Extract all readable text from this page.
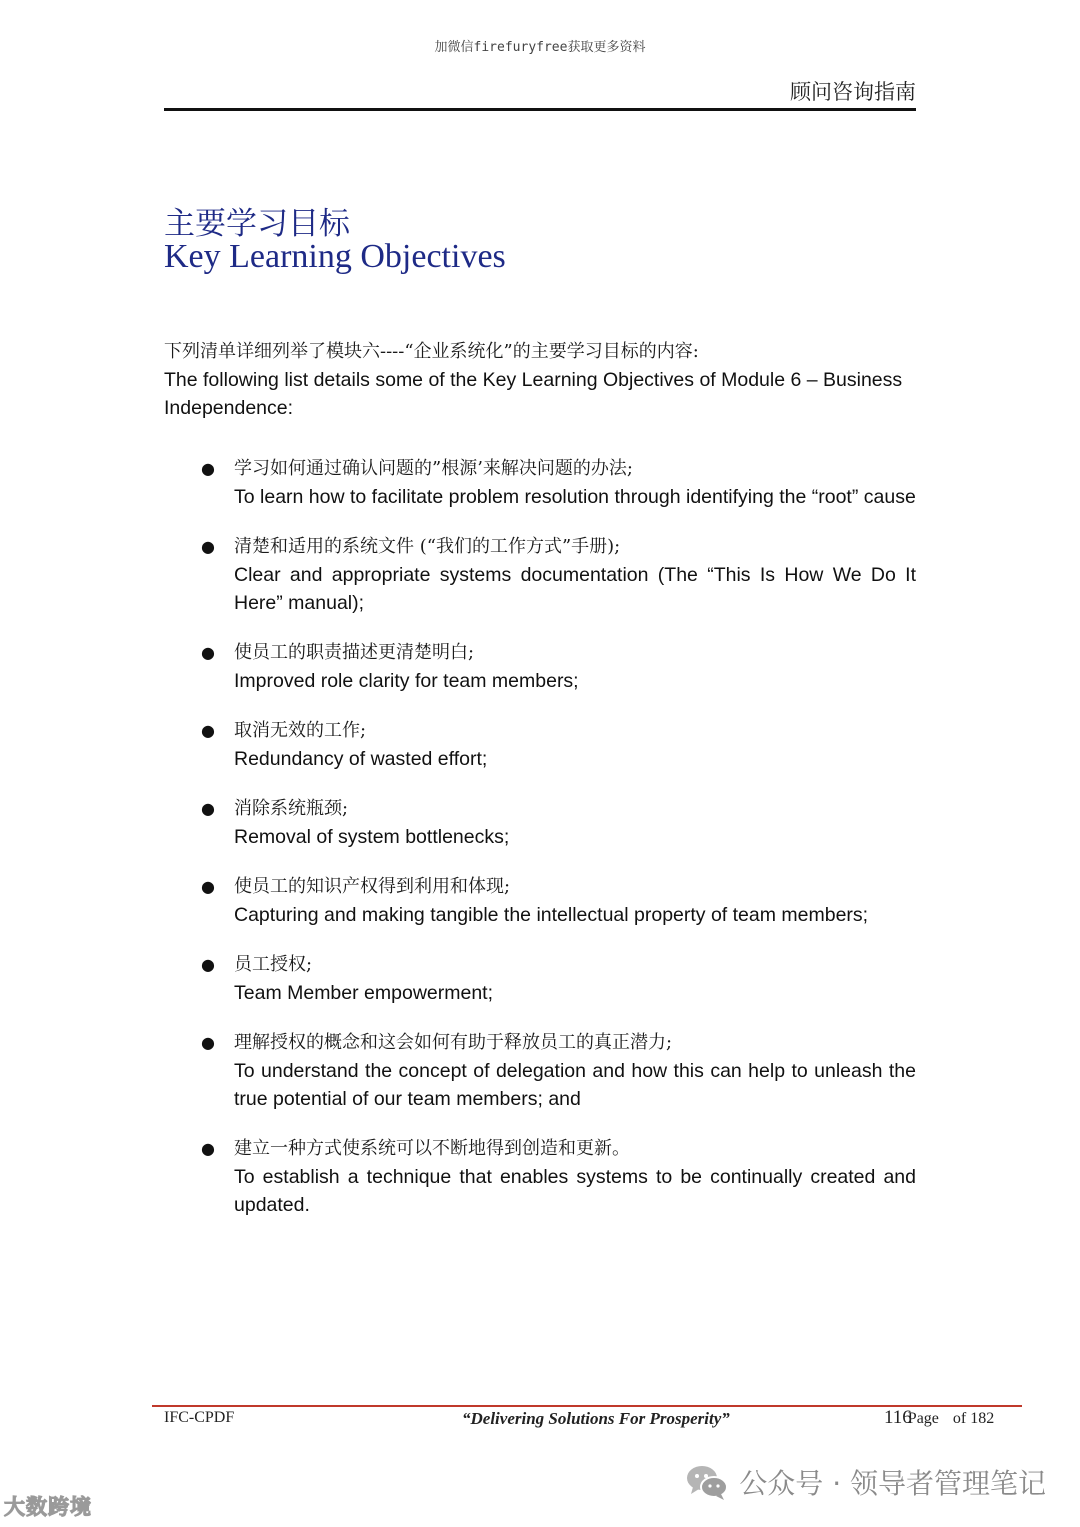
加微信firefuryfree获取更多资料
顾问咨询指南
主要学习目标
Key Learning Objectives
下列清单详细列举了模块六----“企业系统化”的主要学习目标的内容:
The following list details some of the Key Learning Objectives of Module 6 – Business Independence:
● 学习如何通过确认问题的”根源’来解决问题的办法;
To learn how to facilitate problem resolution through identifying the “root” cause
● 清楚和适用的系统文件 (“我们的工作方式”手册);
Clear and appropriate systems documentation (The “This Is How We Do It Here” manual);
● 使员工的职责描述更清楚明白;
Improved role clarity for team members;
● 取消无效的工作;
Redundancy of wasted effort;
● 消除系统瓶颈;
Removal of system bottlenecks;
● 使员工的知识产权得到利用和体现;
Capturing and making tangible the intellectual property of team members;
● 员工授权;
Team Member empowerment;
● 理解授权的概念和这会如何有助于释放员工的真正潜力;
To understand the concept of delegation and how this can help to unleash the true potential of our team members; and
● 建立一种方式使系统可以不断地得到创造和更新。
To establish a technique that enables systems to be continually created and updated.
IFC-CPDF	“Delivering Solutions For Prosperity”	116Page of 182
大数跨境
公众号 · 领导者管理笔记
